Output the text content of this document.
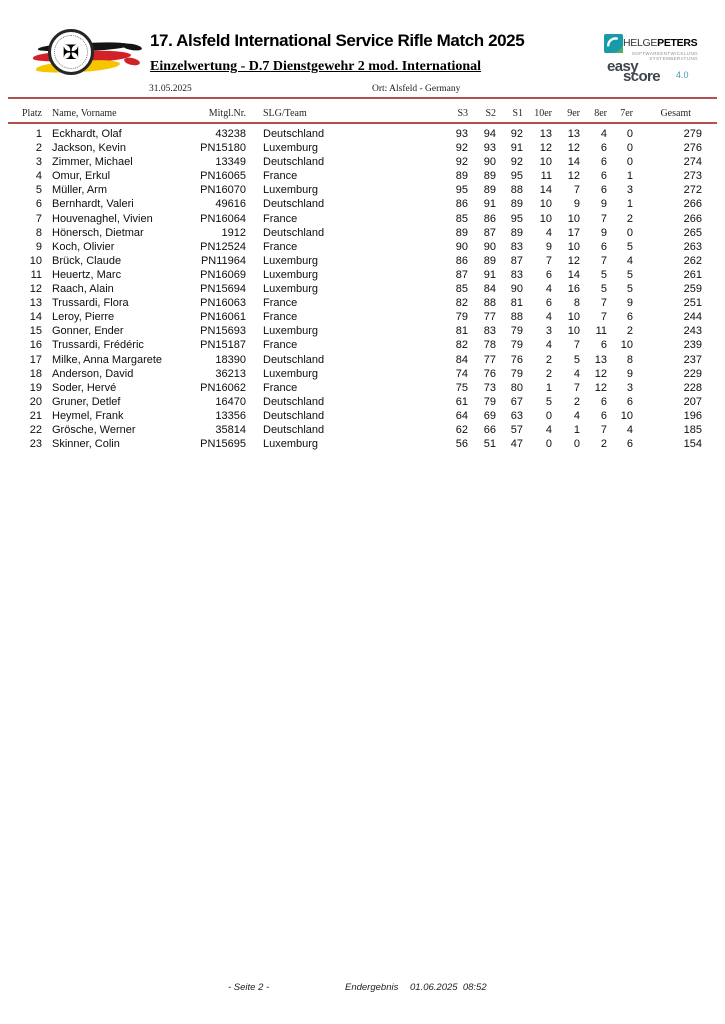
✠	17. Alsfeld International Service Rifle Match 2025
Einzelwertung - D.7 Dienstgewehr 2 mod. International
31.05.2025	Ort: Alsfeld - Germany
HELGEPETERS
SOFTWAREENTWICKLUNG
SYSTEMBERATUNG
easy
score	4.0
Platz	Name, Vorname	Mitgl.Nr.	SLG/Team	S3	S2	S1	10er	9er	8er	7er	Gesamt
1	Eckhardt, Olaf	43238	Deutschland	93	94	92	13	13	4	0	279
2	Jackson, Kevin	PN15180	Luxemburg	92	93	91	12	12	6	0	276
3	Zimmer, Michael	13349	Deutschland	92	90	92	10	14	6	0	274
4	Omur, Erkul	PN16065	France	89	89	95	11	12	6	1	273
5	Müller, Arm	PN16070	Luxemburg	95	89	88	14	7	6	3	272
6	Bernhardt, Valeri	49616	Deutschland	86	91	89	10	9	9	1	266
7	Houvenaghel, Vivien	PN16064	France	85	86	95	10	10	7	2	266
8	Hönersch, Dietmar	1912	Deutschland	89	87	89	4	17	9	0	265
9	Koch, Olivier	PN12524	France	90	90	83	9	10	6	5	263
10	Brück, Claude	PN11964	Luxemburg	86	89	87	7	12	7	4	262
11	Heuertz, Marc	PN16069	Luxemburg	87	91	83	6	14	5	5	261
12	Raach, Alain	PN15694	Luxemburg	85	84	90	4	16	5	5	259
13	Trussardi, Flora	PN16063	France	82	88	81	6	8	7	9	251
14	Leroy, Pierre	PN16061	France	79	77	88	4	10	7	6	244
15	Gonner, Ender	PN15693	Luxemburg	81	83	79	3	10	11	2	243
16	Trussardi, Frédéric	PN15187	France	82	78	79	4	7	6	10	239
17	Milke, Anna Margarete	18390	Deutschland	84	77	76	2	5	13	8	237
18	Anderson, David	36213	Luxemburg	74	76	79	2	4	12	9	229
19	Soder, Hervé	PN16062	France	75	73	80	1	7	12	3	228
20	Gruner, Detlef	16470	Deutschland	61	79	67	5	2	6	6	207
21	Heymel, Frank	13356	Deutschland	64	69	63	0	4	6	10	196
22	Grösche, Werner	35814	Deutschland	62	66	57	4	1	7	4	185
23	Skinner, Colin	PN15695	Luxemburg	56	51	47	0	0	2	6	154
- Seite 2 -	Endergebnis 01.06.2025  08:52
